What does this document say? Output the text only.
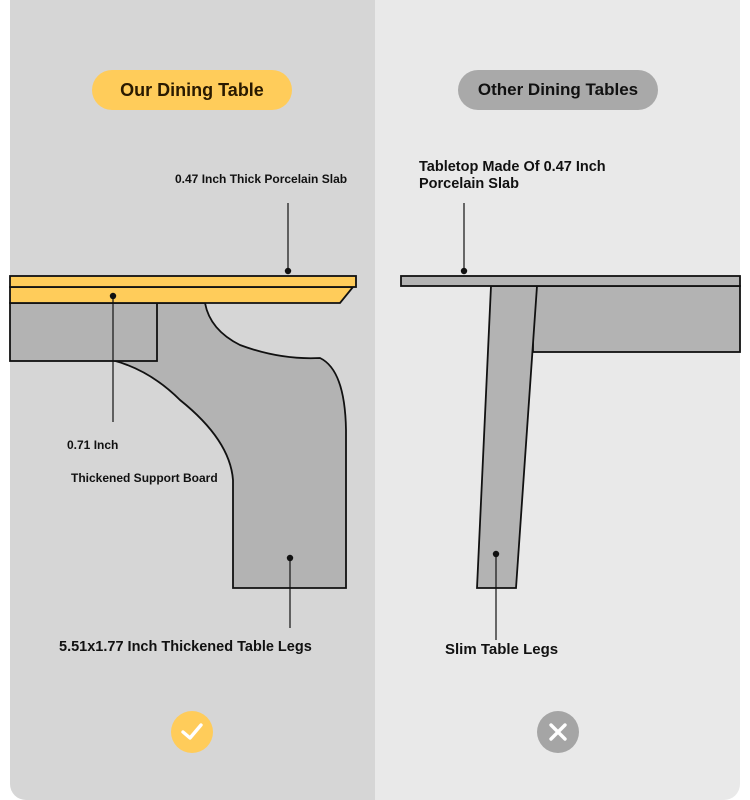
Our Dining Table	Other Dining Tables
0.47 Inch Thick Porcelain Slab
0.71 Inch
Thickened Support Board
5.51x1.77 Inch Thickened Table Legs
Tabletop Made Of 0.47 Inch
Porcelain Slab
Slim Table Legs
